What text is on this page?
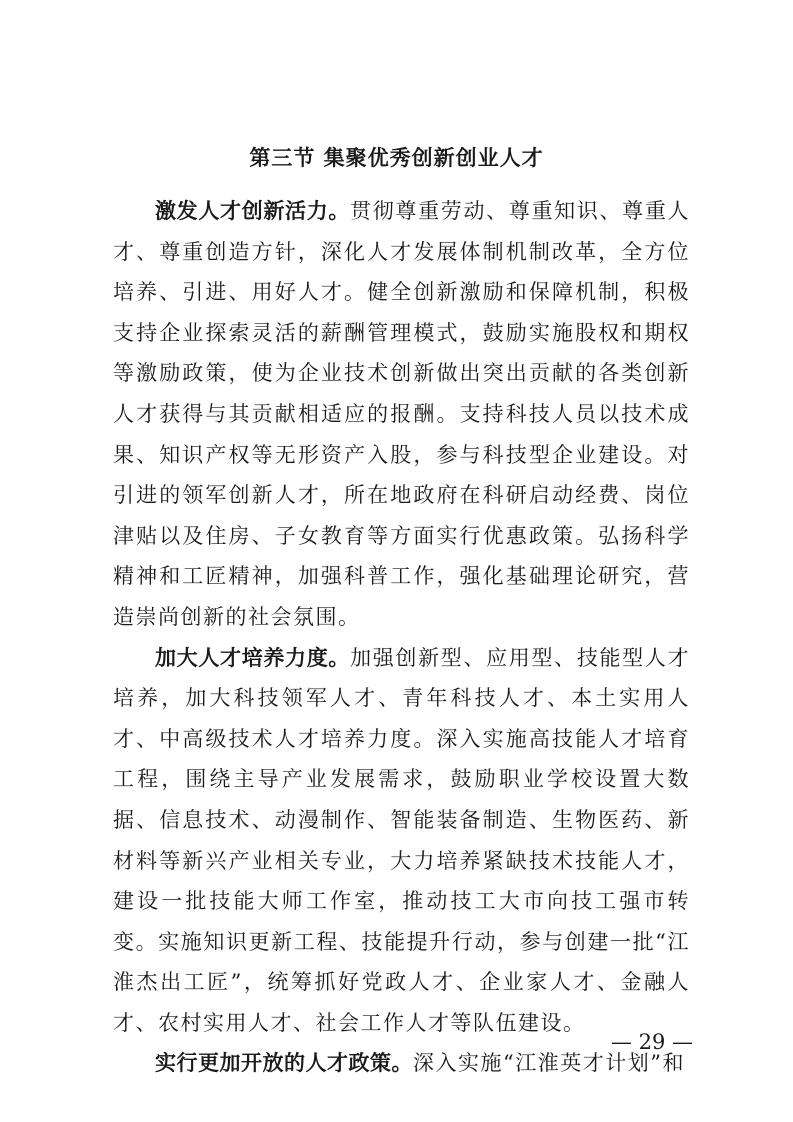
第三节 集聚优秀创新创业人才

激发人才创新活力。贯彻尊重劳动、尊重知识、尊重人才、尊重创造方针，深化人才发展体制机制改革，全方位培养、引进、用好人才。健全创新激励和保障机制，积极支持企业探索灵活的薪酬管理模式，鼓励实施股权和期权等激励政策，使为企业技术创新做出突出贡献的各类创新人才获得与其贡献相适应的报酬。支持科技人员以技术成果、知识产权等无形资产入股，参与科技型企业建设。对引进的领军创新人才，所在地政府在科研启动经费、岗位津贴以及住房、子女教育等方面实行优惠政策。弘扬科学精神和工匠精神，加强科普工作，强化基础理论研究，营造崇尚创新的社会氛围。

加大人才培养力度。加强创新型、应用型、技能型人才培养，加大科技领军人才、青年科技人才、本土实用人才、中高级技术人才培养力度。深入实施高技能人才培育工程，围绕主导产业发展需求，鼓励职业学校设置大数据、信息技术、动漫制作、智能装备制造、生物医药、新材料等新兴产业相关专业，大力培养紧缺技术技能人才，建设一批技能大师工作室，推动技工大市向技工强市转变。实施知识更新工程、技能提升行动，参与创建一批“江淮杰出工匠”，统筹抓好党政人才、企业家人才、金融人才、农村实用人才、社会工作人才等队伍建设。

实行更加开放的人才政策。深入实施“江淮英才计划”和

— 29 —
